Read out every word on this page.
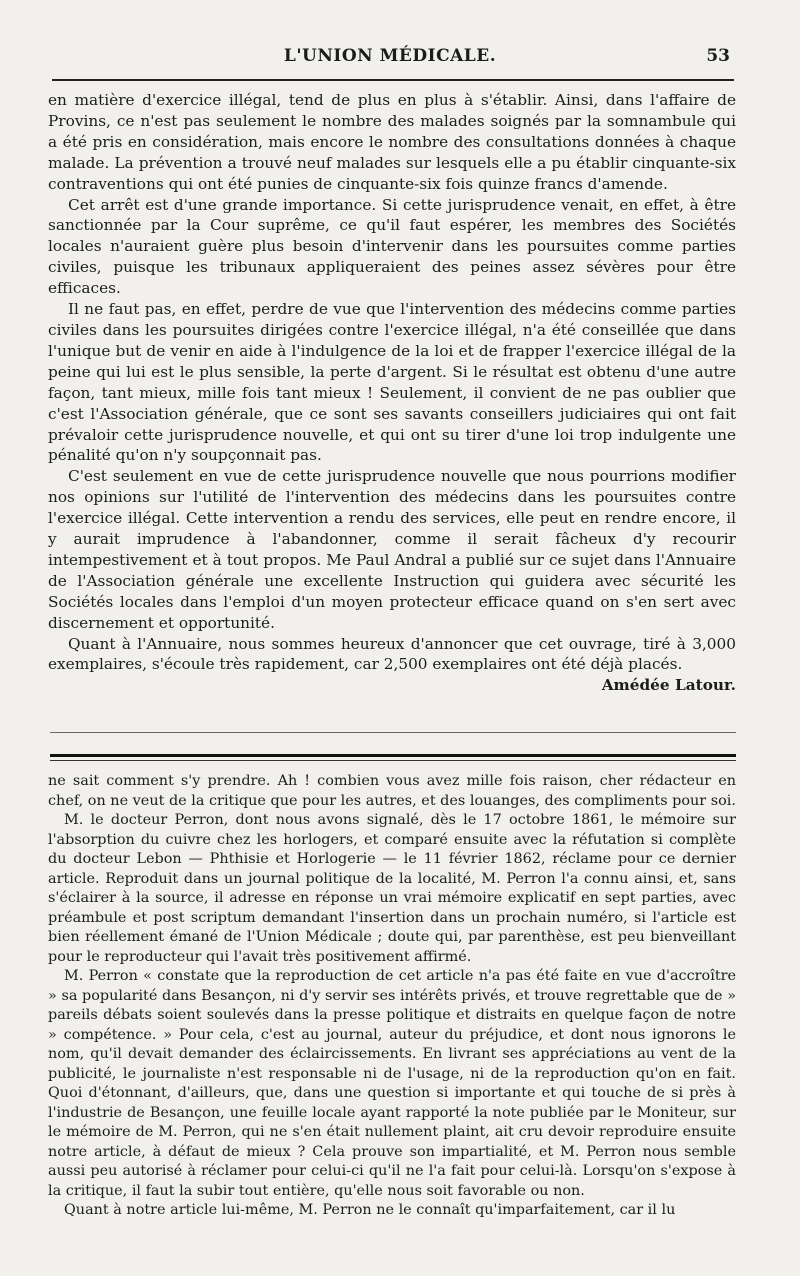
L'UNION MÉDICALE.	53

en matière d'exercice illégal, tend de plus en plus à s'établir. Ainsi, dans l'affaire de Provins, ce n'est pas seulement le nombre des malades soignés par la somnambule qui a été pris en considération, mais encore le nombre des consultations données à chaque malade. La prévention a trouvé neuf malades sur lesquels elle a pu établir cinquante-six contraventions qui ont été punies de cinquante-six fois quinze francs d'amende.

Cet arrêt est d'une grande importance. Si cette jurisprudence venait, en effet, à être sanctionnée par la Cour suprême, ce qu'il faut espérer, les membres des Sociétés locales n'auraient guère plus besoin d'intervenir dans les poursuites comme parties civiles, puisque les tribunaux appliqueraient des peines assez sévères pour être efficaces.

Il ne faut pas, en effet, perdre de vue que l'intervention des médecins comme parties civiles dans les poursuites dirigées contre l'exercice illégal, n'a été conseillée que dans l'unique but de venir en aide à l'indulgence de la loi et de frapper l'exercice illégal de la peine qui lui est le plus sensible, la perte d'argent. Si le résultat est obtenu d'une autre façon, tant mieux, mille fois tant mieux ! Seulement, il convient de ne pas oublier que c'est l'Association générale, que ce sont ses savants conseillers judiciaires qui ont fait prévaloir cette jurisprudence nouvelle, et qui ont su tirer d'une loi trop indulgente une pénalité qu'on n'y soupçonnait pas.

C'est seulement en vue de cette jurisprudence nouvelle que nous pourrions modifier nos opinions sur l'utilité de l'intervention des médecins dans les poursuites contre l'exercice illégal. Cette intervention a rendu des services, elle peut en rendre encore, il y aurait imprudence à l'abandonner, comme il serait fâcheux d'y recourir intempestivement et à tout propos. Me Paul Andral a publié sur ce sujet dans l'Annuaire de l'Association générale une excellente Instruction qui guidera avec sécurité les Sociétés locales dans l'emploi d'un moyen protecteur efficace quand on s'en sert avec discernement et opportunité.

Quant à l'Annuaire, nous sommes heureux d'annoncer que cet ouvrage, tiré à 3,000 exemplaires, s'écoule très rapidement, car 2,500 exemplaires ont été déjà placés.

Amédée Latour.

ne sait comment s'y prendre. Ah ! combien vous avez mille fois raison, cher rédacteur en chef, on ne veut de la critique que pour les autres, et des louanges, des compliments pour soi.

M. le docteur Perron, dont nous avons signalé, dès le 17 octobre 1861, le mémoire sur l'absorption du cuivre chez les horlogers, et comparé ensuite avec la réfutation si complète du docteur Lebon — Phthisie et Horlogerie — le 11 février 1862, réclame pour ce dernier article. Reproduit dans un journal politique de la localité, M. Perron l'a connu ainsi, et, sans s'éclairer à la source, il adresse en réponse un vrai mémoire explicatif en sept parties, avec préambule et post scriptum demandant l'insertion dans un prochain numéro, si l'article est bien réellement émané de l'Union Médicale ; doute qui, par parenthèse, est peu bienveillant pour le reproducteur qui l'avait très positivement affirmé.

M. Perron « constate que la reproduction de cet article n'a pas été faite en vue d'accroître » sa popularité dans Besançon, ni d'y servir ses intérêts privés, et trouve regrettable que de » pareils débats soient soulevés dans la presse politique et distraits en quelque façon de notre » compétence. » Pour cela, c'est au journal, auteur du préjudice, et dont nous ignorons le nom, qu'il devait demander des éclaircissements. En livrant ses appréciations au vent de la publicité, le journaliste n'est responsable ni de l'usage, ni de la reproduction qu'on en fait. Quoi d'étonnant, d'ailleurs, que, dans une question si importante et qui touche de si près à l'industrie de Besançon, une feuille locale ayant rapporté la note publiée par le Moniteur, sur le mémoire de M. Perron, qui ne s'en était nullement plaint, ait cru devoir reproduire ensuite notre article, à défaut de mieux ? Cela prouve son impartialité, et M. Perron nous semble aussi peu autorisé à réclamer pour celui-ci qu'il ne l'a fait pour celui-là. Lorsqu'on s'expose à la critique, il faut la subir tout entière, qu'elle nous soit favorable ou non.

Quant à notre article lui-même, M. Perron ne le connaît qu'imparfaitement, car il lu
